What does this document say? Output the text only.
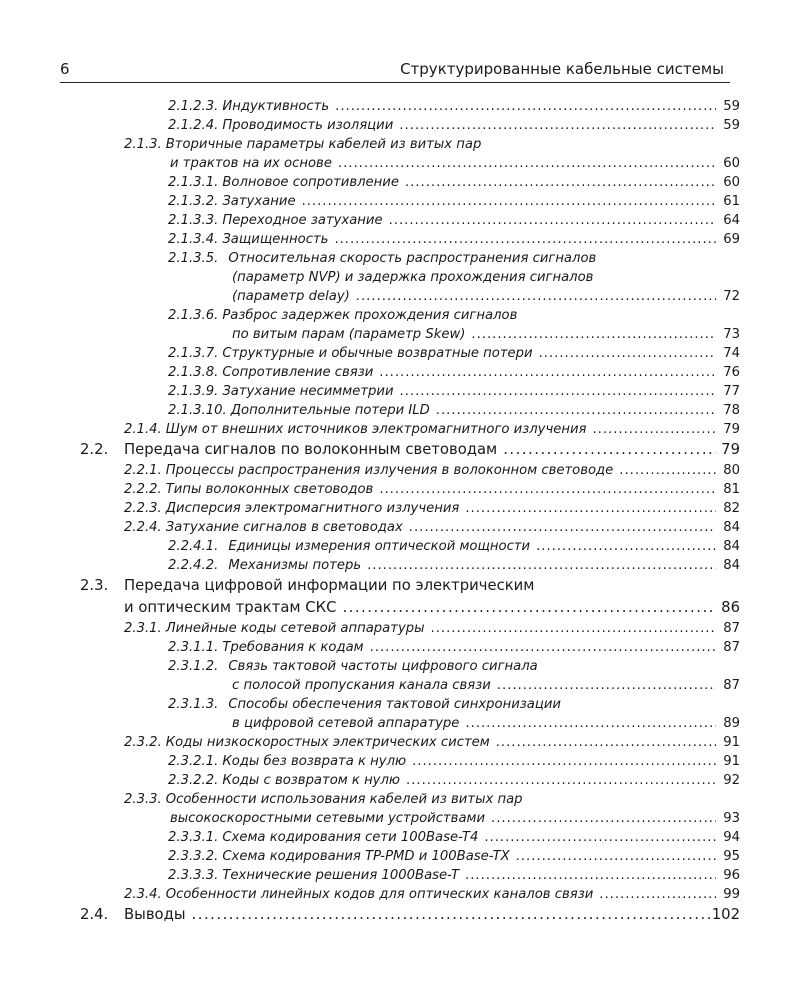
6	Структурированные кабельные системы
2.1.2.3. Индуктивность . . .	59
2.1.2.4. Проводимость изоляции . . .	59
2.1.3. Вторичные параметры кабелей из витых пар
и трактов на их основе . . .	60
2.1.3.1. Волновое сопротивление . . .	60
2.1.3.2. Затухание . . .	61
2.1.3.3. Переходное затухание . . .	64
2.1.3.4. Защищенность . . .	69
2.1.3.5. Относительная скорость распространения сигналов
(параметр NVP) и задержка прохождения сигналов
(параметр delay) . . .	72
2.1.3.6. Разброс задержек прохождения сигналов
по витым парам (параметр Skew) . . .	73
2.1.3.7. Структурные и обычные возвратные потери . . .	74
2.1.3.8. Сопротивление связи . . .	76
2.1.3.9. Затухание несимметрии . . .	77
2.1.3.10. Дополнительные потери ILD . . .	78
2.1.4. Шум от внешних источников электромагнитного излучения . . .	79
2.2.	Передача сигналов по волоконным световодам . . .	79
2.2.1. Процессы распространения излучения в волоконном световоде . . .	80
2.2.2. Типы волоконных световодов . . .	81
2.2.3. Дисперсия электромагнитного излучения . . .	82
2.2.4. Затухание сигналов в световодах . . .	84
2.2.4.1. Единицы измерения оптической мощности . . .	84
2.2.4.2. Механизмы потерь . . .	84
2.3.	Передача цифровой информации по электрическим
и оптическим трактам СКС . . .	86
2.3.1. Линейные коды сетевой аппаратуры . . .	87
2.3.1.1. Требования к кодам . . .	87
2.3.1.2. Связь тактовой частоты цифрового сигнала
с полосой пропускания канала связи . . .	87
2.3.1.3. Способы обеспечения тактовой синхронизации
в цифровой сетевой аппаратуре . . .	89
2.3.2. Коды низкоскоростных электрических систем . . .	91
2.3.2.1. Коды без возврата к нулю . . .	91
2.3.2.2. Коды с возвратом к нулю . . .	92
2.3.3. Особенности использования кабелей из витых пар
высокоскоростными сетевыми устройствами . . .	93
2.3.3.1. Схема кодирования сети 100Base-T4 . . .	94
2.3.3.2. Схема кодирования TP-PMD и 100Base-TX . . .	95
2.3.3.3. Технические решения 1000Base-T . . .	96
2.3.4. Особенности линейных кодов для оптических каналов связи . . .	99
2.4.	Выводы . . .	102
